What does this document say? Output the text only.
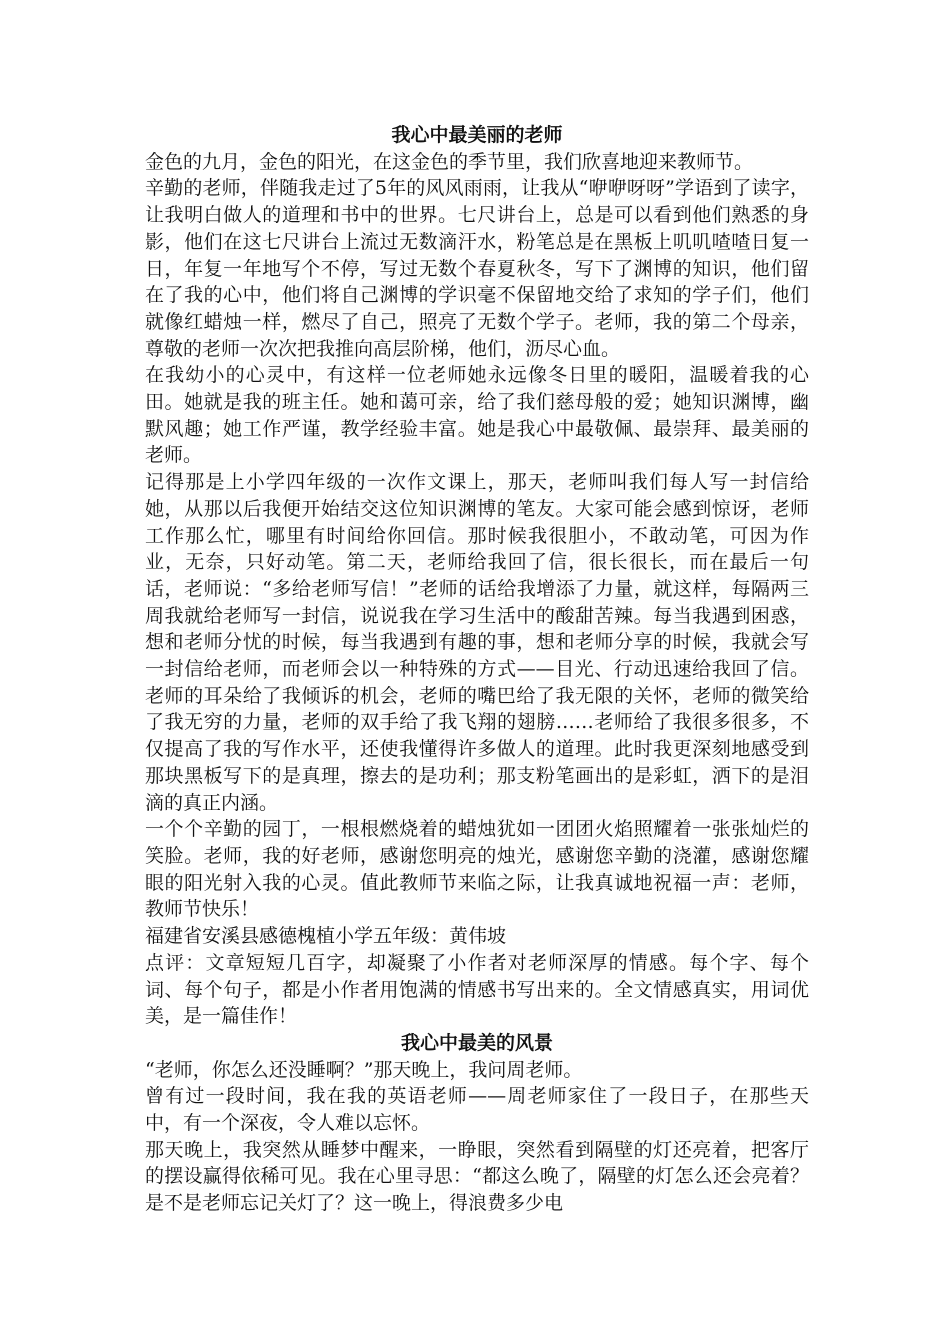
我心中最美丽的老师

金色的九月，金色的阳光，在这金色的季节里，我们欣喜地迎来教师节。

辛勤的老师，伴随我走过了5年的风风雨雨，让我从“咿咿呀呀”学语到了读字，让我明白做人的道理和书中的世界。七尺讲台上，总是可以看到他们熟悉的身影，他们在这七尺讲台上流过无数滴汗水，粉笔总是在黑板上叽叽喳喳日复一日，年复一年地写个不停，写过无数个春夏秋冬，写下了渊博的知识，他们留在了我的心中，他们将自己渊博的学识毫不保留地交给了求知的学子们，他们就像红蜡烛一样，燃尽了自己，照亮了无数个学子。老师，我的第二个母亲，尊敬的老师一次次把我推向高层阶梯，他们，沥尽心血。

在我幼小的心灵中，有这样一位老师她永远像冬日里的暖阳，温暖着我的心田。她就是我的班主任。她和蔼可亲，给了我们慈母般的爱；她知识渊博，幽默风趣；她工作严谨，教学经验丰富。她是我心中最敬佩、最崇拜、最美丽的老师。

记得那是上小学四年级的一次作文课上，那天，老师叫我们每人写一封信给她，从那以后我便开始结交这位知识渊博的笔友。大家可能会感到惊讶，老师工作那么忙，哪里有时间给你回信。那时候我很胆小，不敢动笔，可因为作业，无奈，只好动笔。第二天，老师给我回了信，很长很长，而在最后一句话，老师说：“多给老师写信！”老师的话给我增添了力量，就这样，每隔两三周我就给老师写一封信，说说我在学习生活中的酸甜苦辣。每当我遇到困惑，想和老师分忧的时候，每当我遇到有趣的事，想和老师分享的时候，我就会写一封信给老师，而老师会以一种特殊的方式——目光、行动迅速给我回了信。老师的耳朵给了我倾诉的机会，老师的嘴巴给了我无限的关怀，老师的微笑给了我无穷的力量，老师的双手给了我飞翔的翅膀……老师给了我很多很多，不仅提高了我的写作水平，还使我懂得许多做人的道理。此时我更深刻地感受到那块黑板写下的是真理，擦去的是功利；那支粉笔画出的是彩虹，洒下的是泪滴的真正内涵。

一个个辛勤的园丁，一根根燃烧着的蜡烛犹如一团团火焰照耀着一张张灿烂的笑脸。老师，我的好老师，感谢您明亮的烛光，感谢您辛勤的浇灌，感谢您耀眼的阳光射入我的心灵。值此教师节来临之际，让我真诚地祝福一声：老师，教师节快乐！

福建省安溪县感德槐植小学五年级：黄伟坡

点评：文章短短几百字，却凝聚了小作者对老师深厚的情感。每个字、每个词、每个句子，都是小作者用饱满的情感书写出来的。全文情感真实，用词优美，是一篇佳作！

我心中最美的风景

“老师，你怎么还没睡啊？”那天晚上，我问周老师。

曾有过一段时间，我在我的英语老师——周老师家住了一段日子，在那些天中，有一个深夜，令人难以忘怀。

那天晚上，我突然从睡梦中醒来，一睁眼，突然看到隔壁的灯还亮着，把客厅的摆设赢得依稀可见。我在心里寻思：“都这么晚了，隔壁的灯怎么还会亮着？是不是老师忘记关灯了？这一晚上，得浪费多少电
